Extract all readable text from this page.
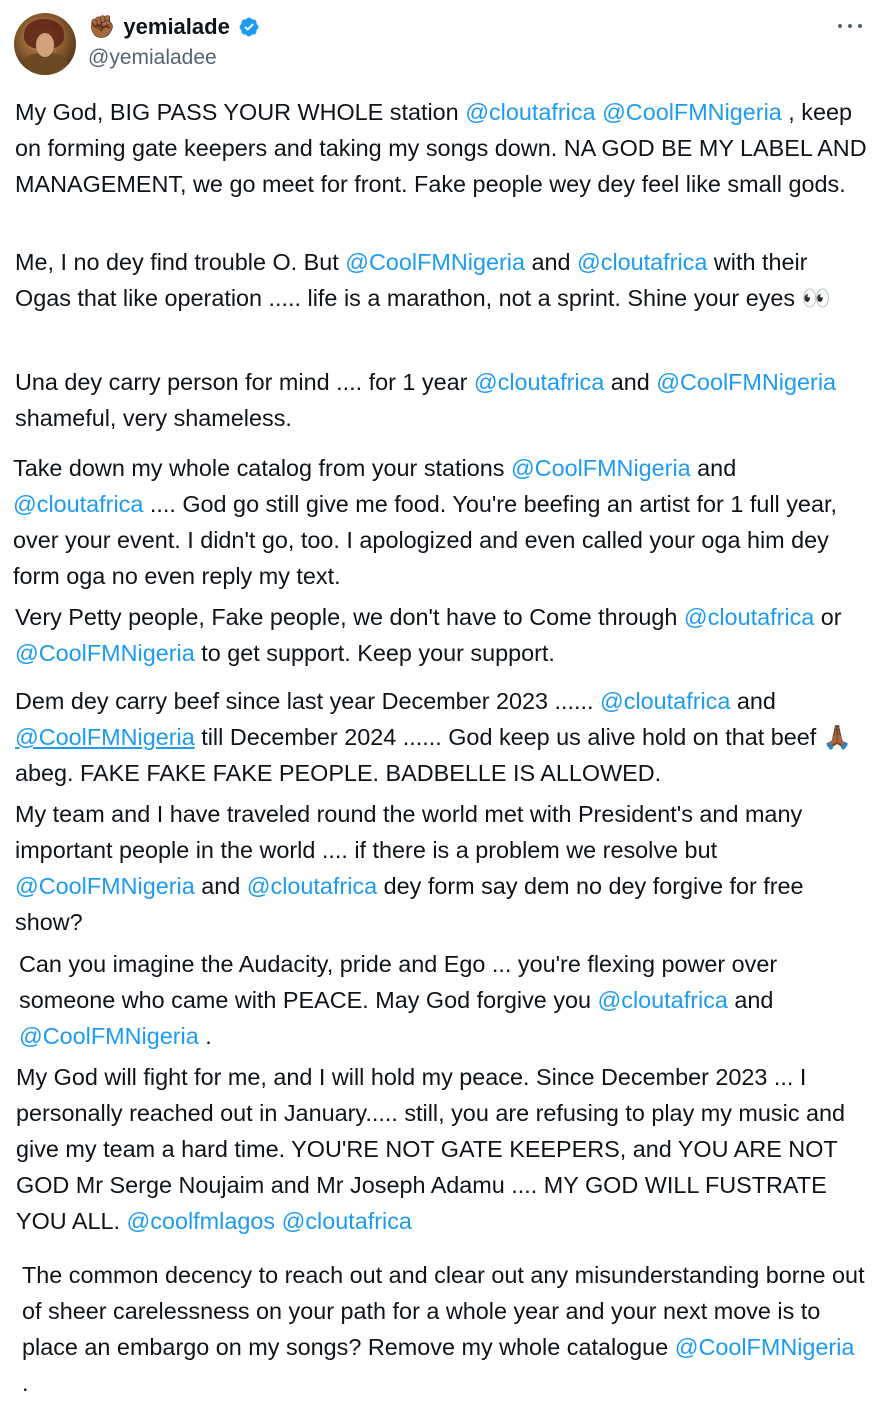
✊🏾 yemialade
@yemialadee
My God, BIG PASS YOUR WHOLE station @cloutafrica @CoolFMNigeria , keep on forming gate keepers and taking my songs down. NA GOD BE MY LABEL AND MANAGEMENT, we go meet for front. Fake people wey dey feel like small gods.
Me, I no dey find trouble O. But @CoolFMNigeria and @cloutafrica with their Ogas that like operation ..... life is a marathon, not a sprint. Shine your eyes 👀
Una dey carry person for mind .... for 1 year @cloutafrica and @CoolFMNigeria shameful, very shameless.
Take down my whole catalog from your stations @CoolFMNigeria and @cloutafrica .... God go still give me food. You're beefing an artist for 1 full year, over your event. I didn't go, too. I apologized and even called your oga him dey form oga no even reply my text.
Very Petty people, Fake people, we don't have to Come through @cloutafrica or @CoolFMNigeria to get support. Keep your support.
Dem dey carry beef since last year December 2023 ...... @cloutafrica and @CoolFMNigeria till December 2024 ...... God keep us alive hold on that beef 🙏🏾 abeg. FAKE FAKE FAKE PEOPLE. BADBELLE IS ALLOWED.
My team and I have traveled round the world met with President's and many important people in the world .... if there is a problem we resolve but @CoolFMNigeria and @cloutafrica dey form say dem no dey forgive for free show?
Can you imagine the Audacity, pride and Ego ... you're flexing power over someone who came with PEACE. May God forgive you @cloutafrica and @CoolFMNigeria .
My God will fight for me, and I will hold my peace. Since December 2023 ... I personally reached out in January..... still, you are refusing to play my music and give my team a hard time. YOU'RE NOT GATE KEEPERS, and YOU ARE NOT GOD Mr Serge Noujaim and Mr Joseph Adamu .... MY GOD WILL FUSTRATE YOU ALL. @coolfmlagos @cloutafrica
The common decency to reach out and clear out any misunderstanding borne out of sheer carelessness on your path for a whole year and your next move is to place an embargo on my songs? Remove my whole catalogue @CoolFMNigeria .
